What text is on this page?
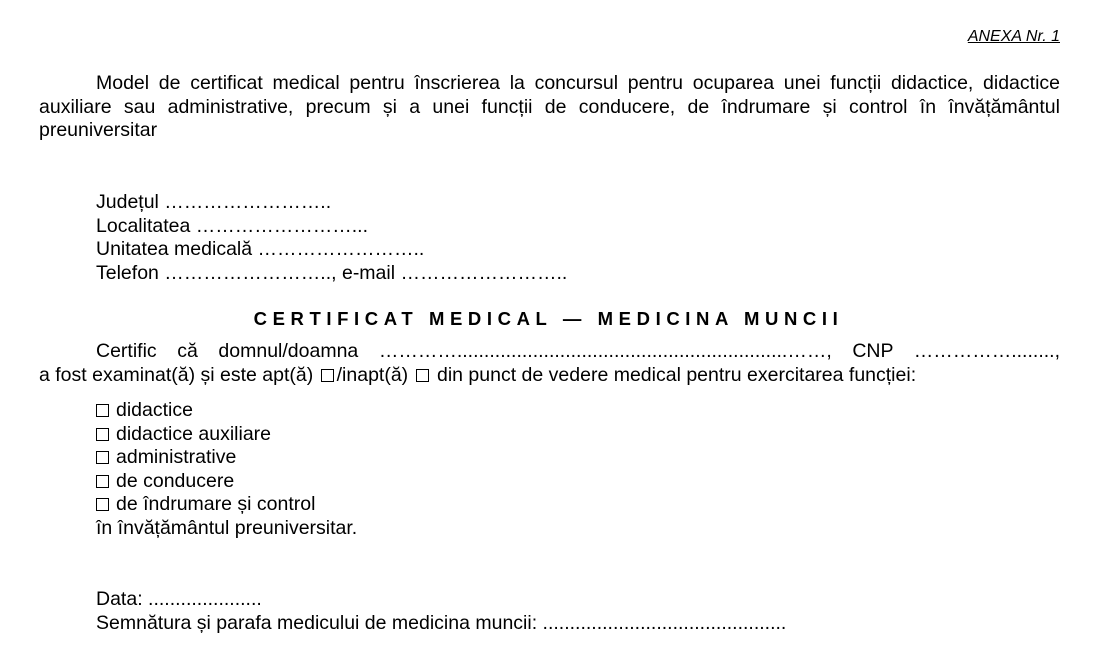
ANEXA Nr. 1
Model de certificat medical pentru înscrierea la concursul pentru ocuparea unei funcții didactice, didactice auxiliare sau administrative, precum și a unei funcții de conducere, de îndrumare și control în învățământul preuniversitar
Județul ……………………..
Localitatea ……………………...
Unitatea medicală ……………………..
Telefon …………………….., e-mail ……………………..
CERTIFICAT MEDICAL — MEDICINA MUNCII
Certific că domnul/doamna ………….............................................................……, CNP ……………........,
a fost examinat(ă) și este apt(ă) /inapt(ă)  din punct de vedere medical pentru exercitarea funcției:
didactice
didactice auxiliare
administrative
de conducere
de îndrumare și control
în învățământul preuniversitar.
Data: .....................
Semnătura și parafa medicului de medicina muncii: .............................................
